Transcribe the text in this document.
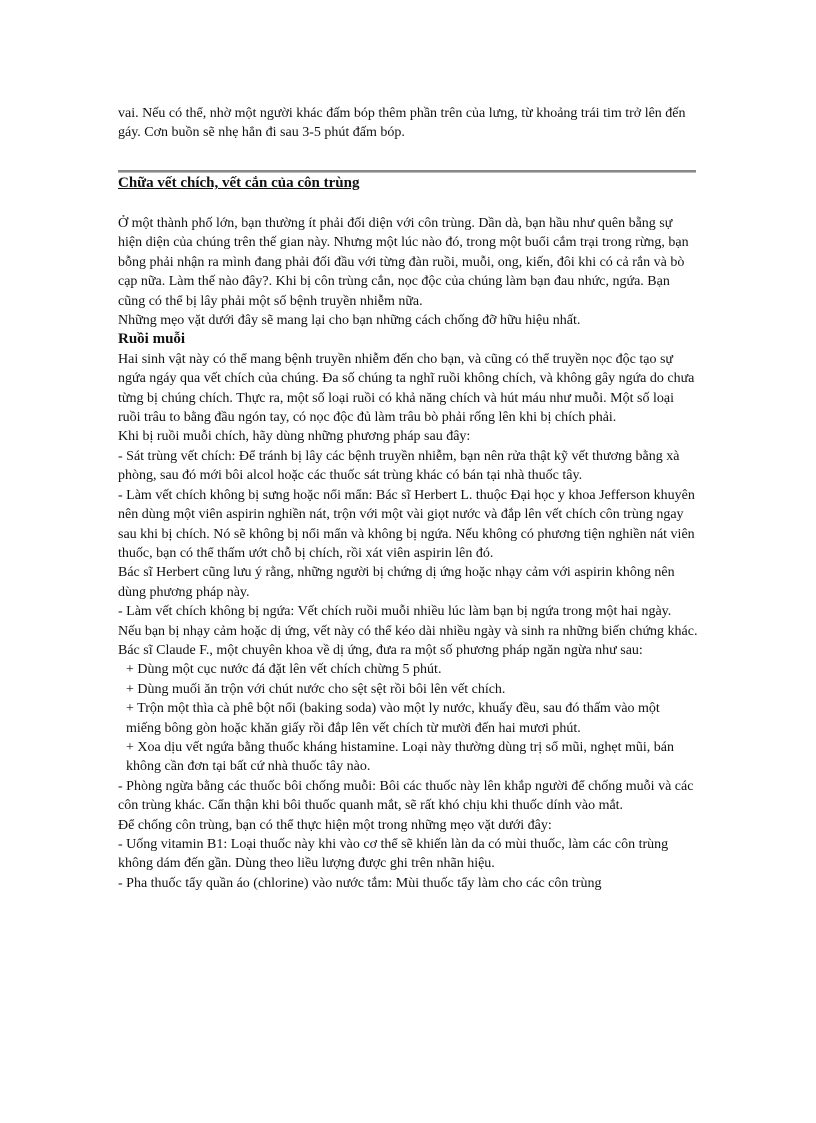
vai. Nếu có thể, nhờ một người khác đấm bóp thêm phần trên của lưng, từ khoảng trái tim trở lên đến gáy. Cơn buồn sẽ nhẹ hẳn đi sau 3-5 phút đấm bóp.
Chữa vết chích, vết cắn của côn trùng

Ở một thành phố lớn, bạn thường ít phải đối diện với côn trùng. Dần dà, bạn hầu như quên bẵng sự hiện diện của chúng trên thế gian này. Nhưng một lúc nào đó, trong một buổi cắm trại trong rừng, bạn bỗng phải nhận ra mình đang phải đối đầu với từng đàn ruồi, muỗi, ong, kiến, đôi khi có cả rắn và bò cạp nữa. Làm thế nào đây?. Khi bị côn trùng cắn, nọc độc của chúng làm bạn đau nhức, ngứa. Bạn cũng có thể bị lây phải một số bệnh truyền nhiễm nữa.

Những mẹo vặt dưới đây sẽ mang lại cho bạn những cách chống đỡ hữu hiệu nhất.

Ruồi muỗi

Hai sinh vật này có thể mang bệnh truyền nhiễm đến cho bạn, và cũng có thể truyền nọc độc tạo sự ngứa ngáy qua vết chích của chúng. Đa số chúng ta nghĩ ruồi không chích, và không gây ngứa do chưa từng bị chúng chích. Thực ra, một số loại ruồi có khả năng chích và hút máu như muỗi. Một số loại ruồi trâu to bằng đầu ngón tay, có nọc độc đủ làm trâu bò phải rống lên khi bị chích phải.

Khi bị ruồi muỗi chích, hãy dùng những phương pháp sau đây:

- Sát trùng vết chích: Để tránh bị lây các bệnh truyền nhiễm, bạn nên rửa thật kỹ vết thương bằng xà phòng, sau đó mới bôi alcol hoặc các thuốc sát trùng khác có bán tại nhà thuốc tây.

- Làm vết chích không bị sưng hoặc nổi mẩn: Bác sĩ Herbert L. thuộc Đại học y khoa Jefferson khuyên nên dùng một viên aspirin nghiền nát, trộn với một vài giọt nước và đắp lên vết chích côn trùng ngay sau khi bị chích. Nó sẽ không bị nổi mẩn và không bị ngứa. Nếu không có phương tiện nghiền nát viên thuốc, bạn có thể thấm ướt chỗ bị chích, rồi xát viên aspirin lên đó.

Bác sĩ Herbert cũng lưu ý rằng, những người bị chứng dị ứng hoặc nhạy cảm với aspirin không nên dùng phương pháp này.

- Làm vết chích không bị ngứa: Vết chích ruồi muỗi nhiều lúc làm bạn bị ngứa trong một hai ngày. Nếu bạn bị nhạy cảm hoặc dị ứng, vết này có thể kéo dài nhiều ngày và sinh ra những biến chứng khác. Bác sĩ Claude F., một chuyên khoa về dị ứng, đưa ra một số phương pháp ngăn ngừa như sau:

+ Dùng một cục nước đá đặt lên vết chích chừng 5 phút.

+ Dùng muối ăn trộn với chút nước cho sệt sệt rồi bôi lên vết chích.

+ Trộn một thìa cà phê bột nổi (baking soda) vào một ly nước, khuấy đều, sau đó thấm vào một miếng bông gòn hoặc khăn giấy rồi đắp lên vết chích từ mười đến hai mươi phút.

+ Xoa dịu vết ngứa bằng thuốc kháng histamine. Loại này thường dùng trị sổ mũi, nghẹt mũi, bán không cần đơn tại bất cứ nhà thuốc tây nào.

- Phòng ngừa bằng các thuốc bôi chống muỗi: Bôi các thuốc này lên khắp người để chống muỗi và các côn trùng khác. Cẩn thận khi bôi thuốc quanh mắt, sẽ rất khó chịu khi thuốc dính vào mắt.

Để chống côn trùng, bạn có thể thực hiện một trong những mẹo vặt dưới đây:

- Uống vitamin B1: Loại thuốc này khi vào cơ thể sẽ khiến làn da có mùi thuốc, làm các côn trùng không dám đến gần. Dùng theo liều lượng được ghi trên nhãn hiệu.

- Pha thuốc tẩy quần áo (chlorine) vào nước tắm: Mùi thuốc tẩy làm cho các côn trùng
